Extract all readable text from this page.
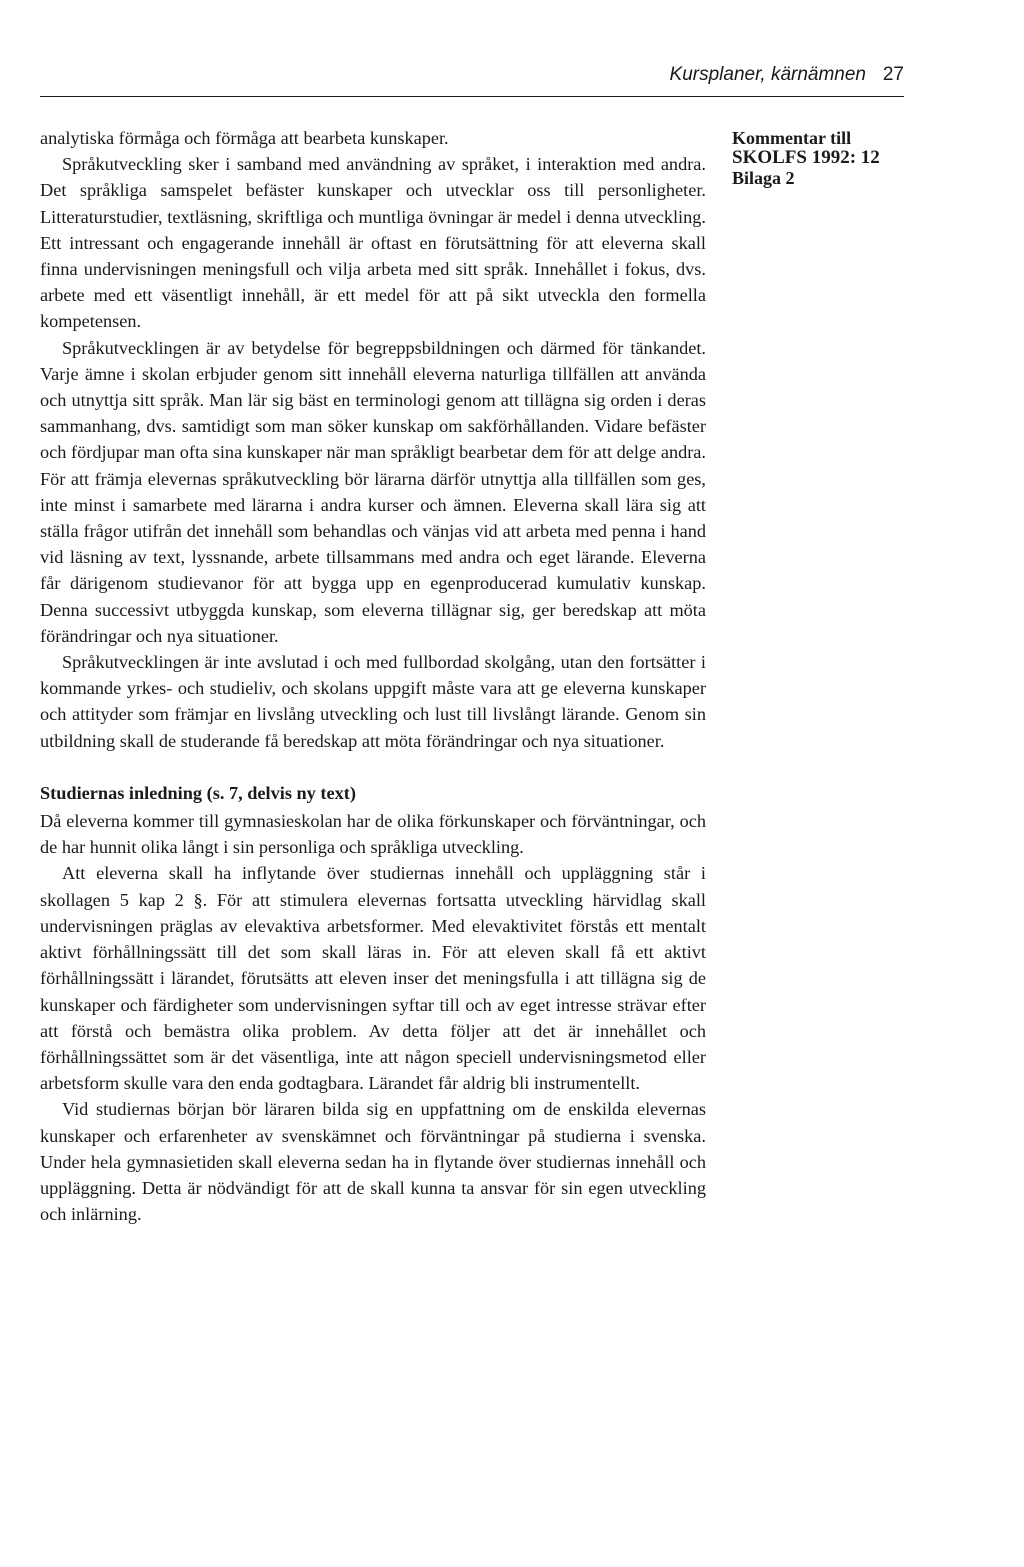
Kursplaner, kärnämnen 27
Kommentar till
SKOLFS 1992: 12
Bilaga 2

analytiska förmåga och förmåga att bearbeta kunskaper.

Språkutveckling sker i samband med användning av språket, i interaktion med andra. Det språkliga samspelet befäster kunskaper och utvecklar oss till personligheter. Litteraturstudier, textläsning, skriftliga och muntliga övningar är medel i denna utveckling. Ett intressant och engagerande innehåll är oftast en förutsättning för att eleverna skall finna undervisningen meningsfull och vilja arbeta med sitt språk. Innehållet i fokus, dvs. arbete med ett väsentligt innehåll, är ett medel för att på sikt utveckla den formella kompetensen.

Språkutvecklingen är av betydelse för begreppsbildningen och därmed för tänkandet. Varje ämne i skolan erbjuder genom sitt innehåll eleverna naturliga tillfällen att använda och utnyttja sitt språk. Man lär sig bäst en terminologi genom att tillägna sig orden i deras sammanhang, dvs. samtidigt som man söker kunskap om sakförhållanden. Vidare befäster och fördjupar man ofta sina kunskaper när man språkligt bearbetar dem för att delge andra. För att främja elevernas språkutveckling bör lärarna därför utnyttja alla tillfällen som ges, inte minst i samarbete med lärarna i andra kurser och ämnen. Eleverna skall lära sig att ställa frågor utifrån det innehåll som behandlas och vänjas vid att arbeta med penna i hand vid läsning av text, lyssnande, arbete tillsammans med andra och eget lärande. Eleverna får därigenom studievanor för att bygga upp en egenproducerad kumulativ kunskap. Denna successivt utbyggda kunskap, som eleverna tillägnar sig, ger beredskap att möta förändringar och nya situationer.

Språkutvecklingen är inte avslutad i och med fullbordad skolgång, utan den fortsätter i kommande yrkes- och studieliv, och skolans uppgift måste vara att ge eleverna kunskaper och attityder som främjar en livslång utveckling och lust till livslångt lärande. Genom sin utbildning skall de studerande få beredskap att möta förändringar och nya situationer.

Studiernas inledning (s. 7, delvis ny text)

Då eleverna kommer till gymnasieskolan har de olika förkunskaper och förväntningar, och de har hunnit olika långt i sin personliga och språkliga utveckling.

Att eleverna skall ha inflytande över studiernas innehåll och uppläggning står i skollagen 5 kap 2 §. För att stimulera elevernas fortsatta utveckling härvidlag skall undervisningen präglas av elevaktiva arbetsformer. Med elevaktivitet förstås ett mentalt aktivt förhållningssätt till det som skall läras in. För att eleven skall få ett aktivt förhållningssätt i lärandet, förutsätts att eleven inser det meningsfulla i att tillägna sig de kunskaper och färdigheter som undervisningen syftar till och av eget intresse strävar efter att förstå och bemästra olika problem. Av detta följer att det är innehållet och förhållningssättet som är det väsentliga, inte att någon speciell undervisningsmetod eller arbetsform skulle vara den enda godtagbara. Lärandet får aldrig bli instrumentellt.

Vid studiernas början bör läraren bilda sig en uppfattning om de enskilda elevernas kunskaper och erfarenheter av svenskämnet och förväntningar på studierna i svenska. Under hela gymnasietiden skall eleverna sedan ha in flytande över studiernas innehåll och uppläggning. Detta är nödvändigt för att de skall kunna ta ansvar för sin egen utveckling och inlärning.
